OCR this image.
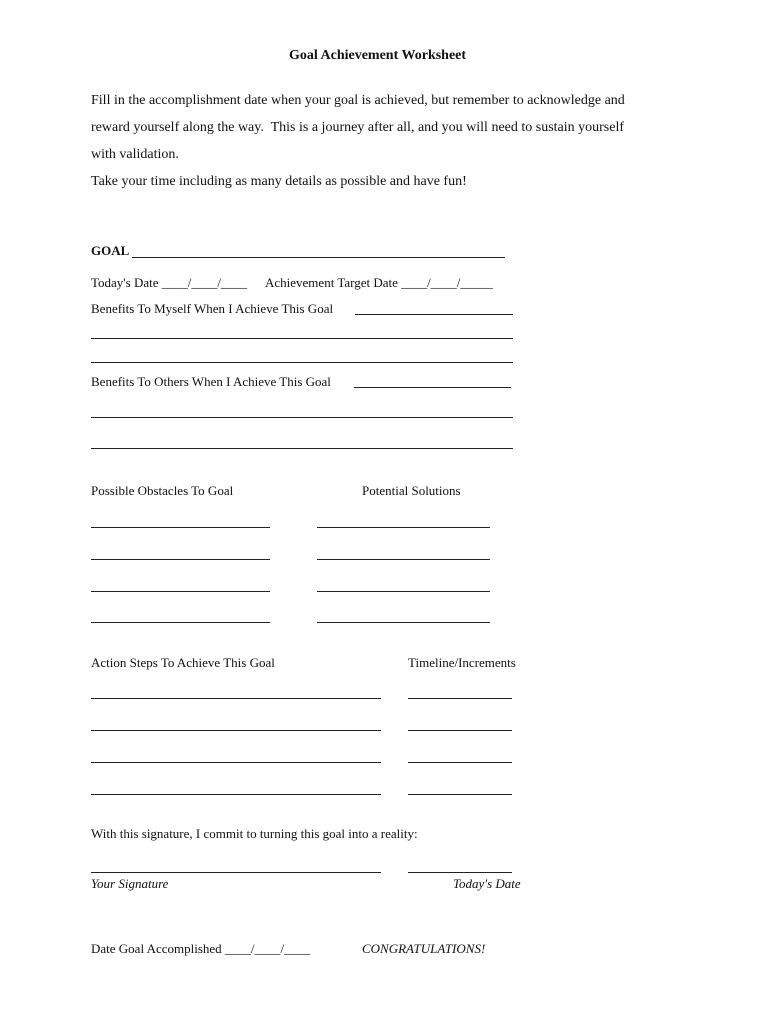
Goal Achievement Worksheet
Fill in the accomplishment date when your goal is achieved, but remember to acknowledge and
reward yourself along the way.  This is a journey after all, and you will need to sustain yourself
with validation.
Take your time including as many details as possible and have fun!
GOAL
Today's Date ____/____/____ Achievement Target Date ____/____/_____
Benefits To Myself When I Achieve This Goal
Benefits To Others When I Achieve This Goal
Possible Obstacles To Goal	Potential Solutions
Action Steps To Achieve This Goal	Timeline/Increments
With this signature, I commit to turning this goal into a reality:
Your Signature	Today's Date
Date Goal Accomplished ____/____/____	CONGRATULATIONS!
